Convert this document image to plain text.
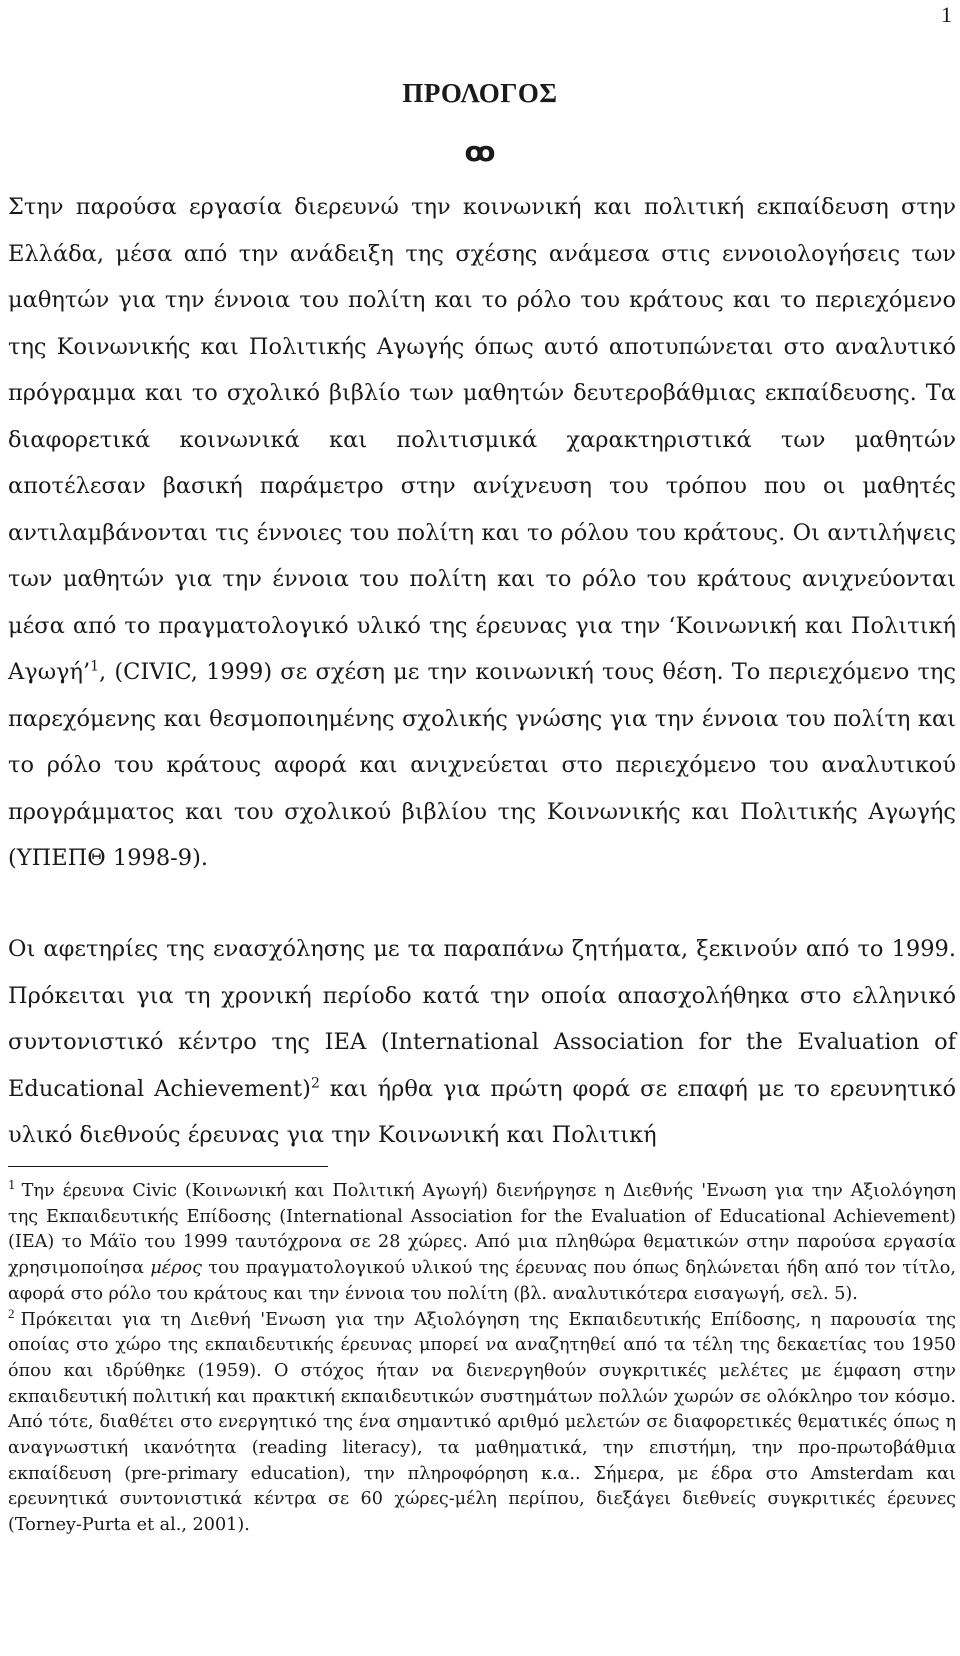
1
ΠΡΟΛΟΓΟΣ
ꝏ

Στην παρούσα εργασία διερευνώ την κοινωνική και πολιτική εκπαίδευση στην Ελλάδα, μέσα από την ανάδειξη της σχέσης ανάμεσα στις εννοιολογήσεις των μαθητών για την έννοια του πολίτη και το ρόλο του κράτους και το περιεχόμενο της Κοινωνικής και Πολιτικής Αγωγής όπως αυτό αποτυπώνεται στο αναλυτικό πρόγραμμα και το σχολικό βιβλίο των μαθητών δευτεροβάθμιας εκπαίδευσης. Τα διαφορετικά κοινωνικά και πολιτισμικά χαρακτηριστικά των μαθητών αποτέλεσαν βασική παράμετρο στην ανίχνευση του τρόπου που οι μαθητές αντιλαμβάνονται τις έννοιες του πολίτη και το ρόλου του κράτους. Οι αντιλήψεις των μαθητών για την έννοια του πολίτη και το ρόλο του κράτους ανιχνεύονται μέσα από το πραγματολογικό υλικό της έρευνας για την ‘Κοινωνική και Πολιτική Αγωγή’$^1$, (CIVIC, 1999) σε σχέση με την κοινωνική τους θέση. Το περιεχόμενο της παρεχόμενης και θεσμοποιημένης σχολικής γνώσης για την έννοια του πολίτη και το ρόλο του κράτους αφορά και ανιχνεύεται στο περιεχόμενο του αναλυτικού προγράμματος και του σχολικού βιβλίου της Κοινωνικής και Πολιτικής Αγωγής (ΥΠΕΠΘ 1998-9).

Οι αφετηρίες της ενασχόλησης με τα παραπάνω ζητήματα, ξεκινούν από το 1999. Πρόκειται για τη χρονική περίοδο κατά την οποία απασχολήθηκα στο ελληνικό συντονιστικό κέντρο της IEA (International Association for the Evaluation of Educational Achievement)$^2$ και ήρθα για πρώτη φορά σε επαφή με το ερευνητικό υλικό διεθνούς έρευνας για την Κοινωνική και Πολιτική

$^1$ Την έρευνα Civic (Κοινωνική και Πολιτική Αγωγή) διενήργησε η Διεθνής 'Ενωση για την Αξιολόγηση της Εκπαιδευτικής Επίδοσης (International Association for the Evaluation of Educational Achievement)(IEA) το Μάϊο του 1999 ταυτόχρονα σε 28 χώρες. Από μια πληθώρα θεματικών στην παρούσα εργασία χρησιμοποίησα μέρος του πραγματολογικού υλικού της έρευνας που όπως δηλώνεται ήδη από τον τίτλο, αφορά στο ρόλο του κράτους και την έννοια του πολίτη (βλ. αναλυτικότερα εισαγωγή, σελ. 5).

$^2$ Πρόκειται για τη Διεθνή 'Ενωση για την Αξιολόγηση της Εκπαιδευτικής Επίδοσης, η παρουσία της οποίας στο χώρο της εκπαιδευτικής έρευνας μπορεί να αναζητηθεί από τα τέλη της δεκαετίας του 1950 όπου και ιδρύθηκε (1959). Ο στόχος ήταν να διενεργηθούν συγκριτικές μελέτες με έμφαση στην εκπαιδευτική πολιτική και πρακτική εκπαιδευτικών συστημάτων πολλών χωρών σε ολόκληρο τον κόσμο. Από τότε, διαθέτει στο ενεργητικό της ένα σημαντικό αριθμό μελετών σε διαφορετικές θεματικές όπως η αναγνωστική ικανότητα (reading literacy), τα μαθηματικά, την επιστήμη, την προ-πρωτοβάθμια εκπαίδευση (pre-primary education), την πληροφόρηση κ.α.. Σήμερα, με έδρα στο Amsterdam και ερευνητικά συντονιστικά κέντρα σε 60 χώρες-μέλη περίπου, διεξάγει διεθνείς συγκριτικές έρευνες (Torney-Purta et al., 2001).
